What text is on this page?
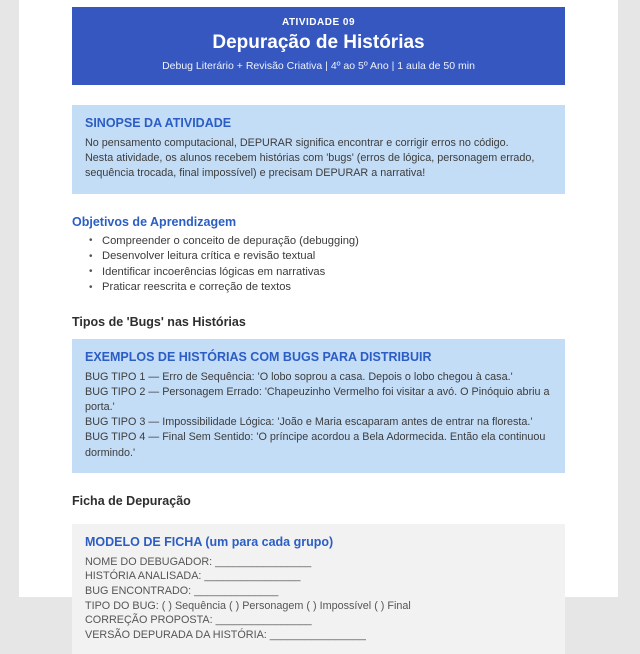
ATIVIDADE 09
Depuração de Histórias
Debug Literário + Revisão Criativa | 4º ao 5º Ano | 1 aula de 50 min
SINOPSE DA ATIVIDADE
No pensamento computacional, DEPURAR significa encontrar e corrigir erros no código.
Nesta atividade, os alunos recebem histórias com 'bugs' (erros de lógica, personagem errado,
sequência trocada, final impossível) e precisam DEPURAR a narrativa!
Objetivos de Aprendizagem
• Compreender o conceito de depuração (debugging)
• Desenvolver leitura crítica e revisão textual
• Identificar incoerências lógicas em narrativas
• Praticar reescrita e correção de textos
Tipos de 'Bugs' nas Histórias
EXEMPLOS DE HISTÓRIAS COM BUGS PARA DISTRIBUIR
BUG TIPO 1 — Erro de Sequência: 'O lobo soprou a casa. Depois o lobo chegou à casa.'
BUG TIPO 2 — Personagem Errado: 'Chapeuzinho Vermelho foi visitar a avó. O Pinóquio abriu a porta.'
BUG TIPO 3 — Impossibilidade Lógica: 'João e Maria escaparam antes de entrar na floresta.'
BUG TIPO 4 — Final Sem Sentido: 'O príncipe acordou a Bela Adormecida. Então ela continuou dormindo.'
Ficha de Depuração
MODELO DE FICHA (um para cada grupo)
NOME DO DEBUGADOR: ________________
HISTÓRIA ANALISADA: ________________
BUG ENCONTRADO: ______________
TIPO DO BUG: ( ) Sequência ( ) Personagem ( ) Impossível ( ) Final
CORREÇÃO PROPOSTA: ________________
VERSÃO DEPURADA DA HISTÓRIA: ________________
